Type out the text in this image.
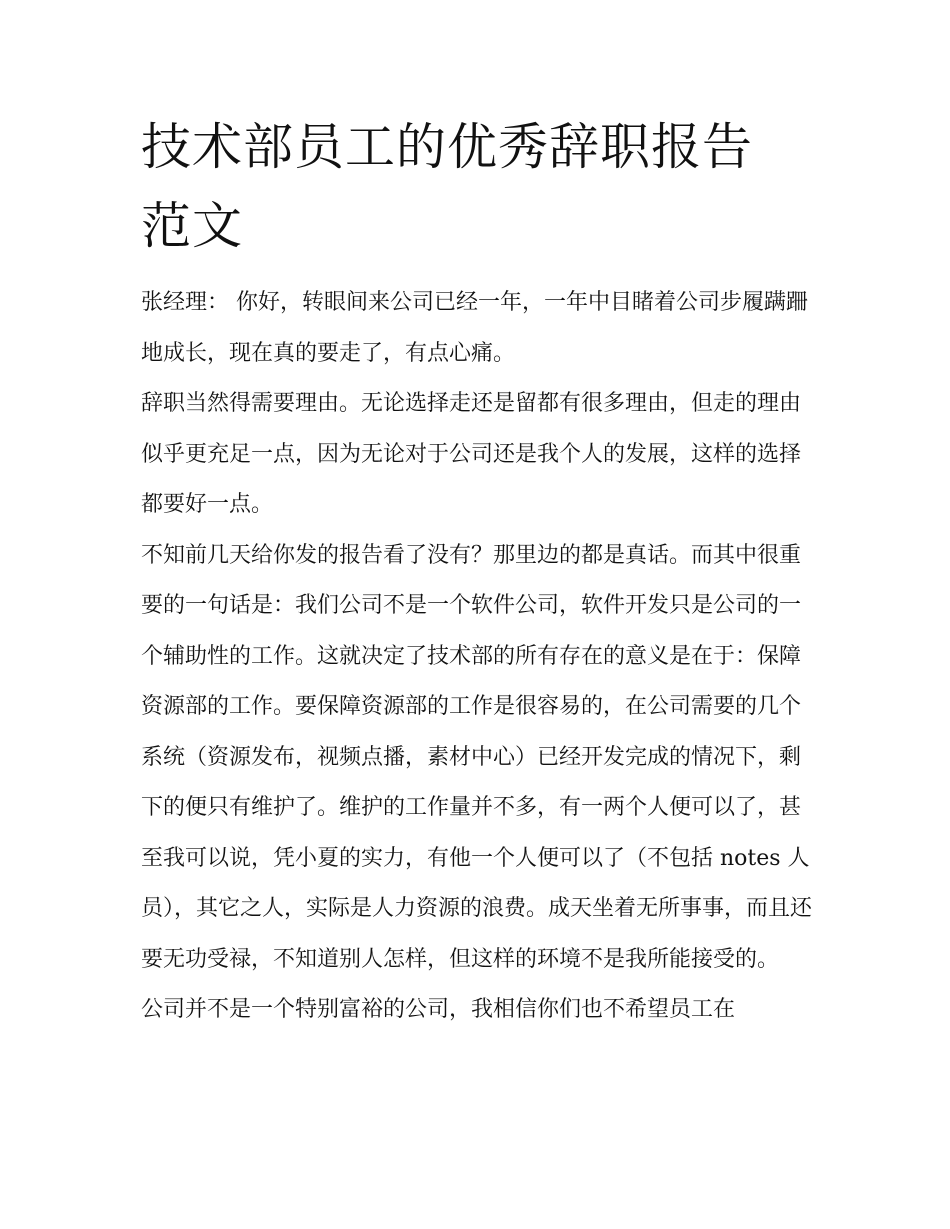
技术部员工的优秀辞职报告范文

张经理： 你好，转眼间来公司已经一年，一年中目睹着公司步履蹒跚地成长，现在真的要走了，有点心痛。

辞职当然得需要理由。无论选择走还是留都有很多理由，但走的理由似乎更充足一点，因为无论对于公司还是我个人的发展，这样的选择都要好一点。

不知前几天给你发的报告看了没有？那里边的都是真话。而其中很重要的一句话是：我们公司不是一个软件公司，软件开发只是公司的一个辅助性的工作。这就决定了技术部的所有存在的意义是在于：保障资源部的工作。要保障资源部的工作是很容易的，在公司需要的几个系统（资源发布，视频点播，素材中心）已经开发完成的情况下，剩下的便只有维护了。维护的工作量并不多，有一两个人便可以了，甚至我可以说，凭小夏的实力，有他一个人便可以了（不包括 notes 人员），其它之人，实际是人力资源的浪费。成天坐着无所事事，而且还要无功受禄，不知道别人怎样，但这样的环境不是我所能接受的。

公司并不是一个特别富裕的公司，我相信你们也不希望员工在
